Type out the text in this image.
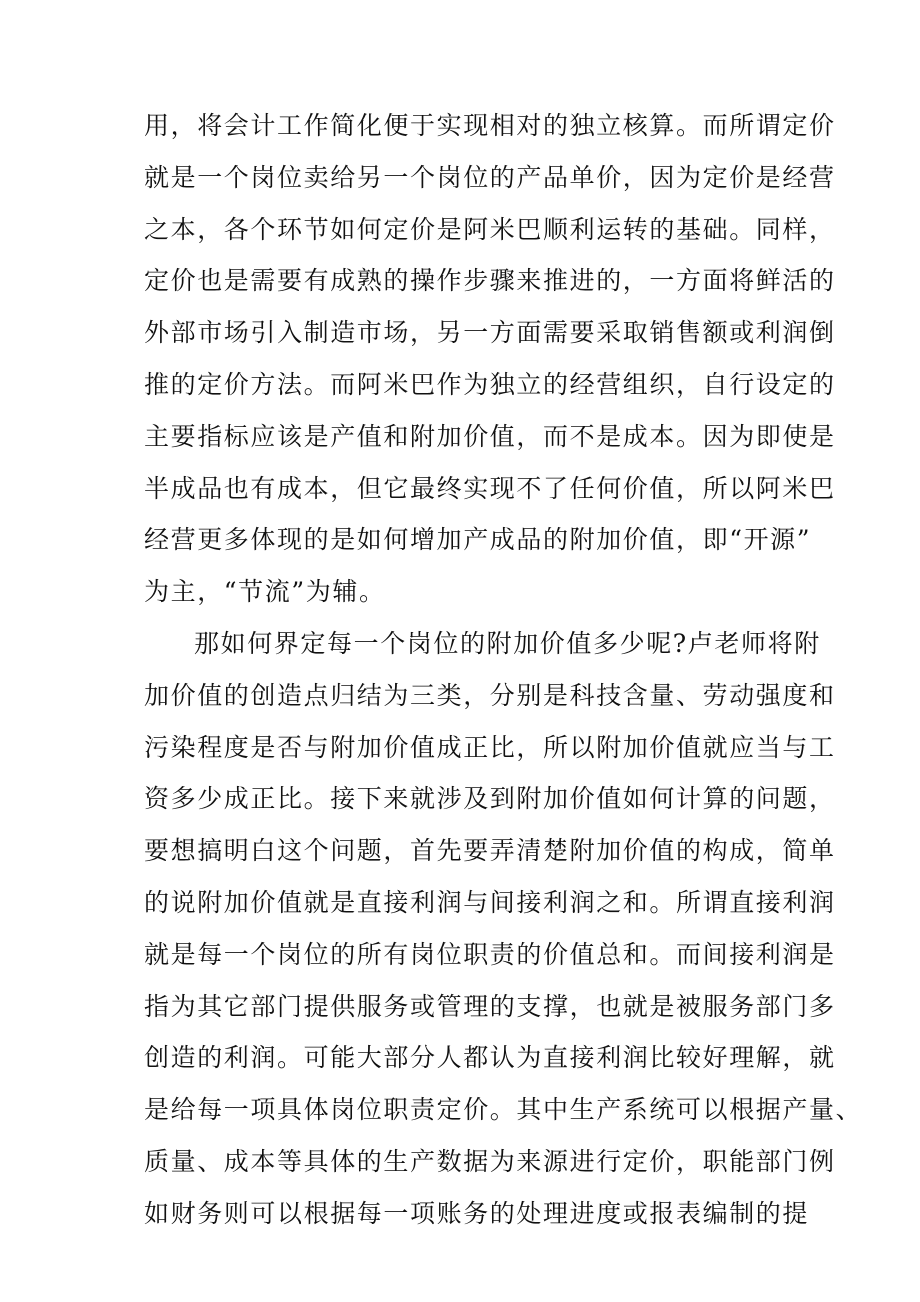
用，将会计工作简化便于实现相对的独立核算。而所谓定价
就是一个岗位卖给另一个岗位的产品单价，因为定价是经营
之本，各个环节如何定价是阿米巴顺利运转的基础。同样，
定价也是需要有成熟的操作步骤来推进的，一方面将鲜活的
外部市场引入制造市场，另一方面需要采取销售额或利润倒
推的定价方法。而阿米巴作为独立的经营组织，自行设定的
主要指标应该是产值和附加价值，而不是成本。因为即使是
半成品也有成本，但它最终实现不了任何价值，所以阿米巴
经营更多体现的是如何增加产成品的附加价值，即“开源”
为主，“节流”为辅。

那如何界定每一个岗位的附加价值多少呢?卢老师将附
加价值的创造点归结为三类，分别是科技含量、劳动强度和
污染程度是否与附加价值成正比，所以附加价值就应当与工
资多少成正比。接下来就涉及到附加价值如何计算的问题，
要想搞明白这个问题，首先要弄清楚附加价值的构成，简单
的说附加价值就是直接利润与间接利润之和。所谓直接利润
就是每一个岗位的所有岗位职责的价值总和。而间接利润是
指为其它部门提供服务或管理的支撑，也就是被服务部门多
创造的利润。可能大部分人都认为直接利润比较好理解，就
是给每一项具体岗位职责定价。其中生产系统可以根据产量、
质量、成本等具体的生产数据为来源进行定价，职能部门例
如财务则可以根据每一项账务的处理进度或报表编制的提
